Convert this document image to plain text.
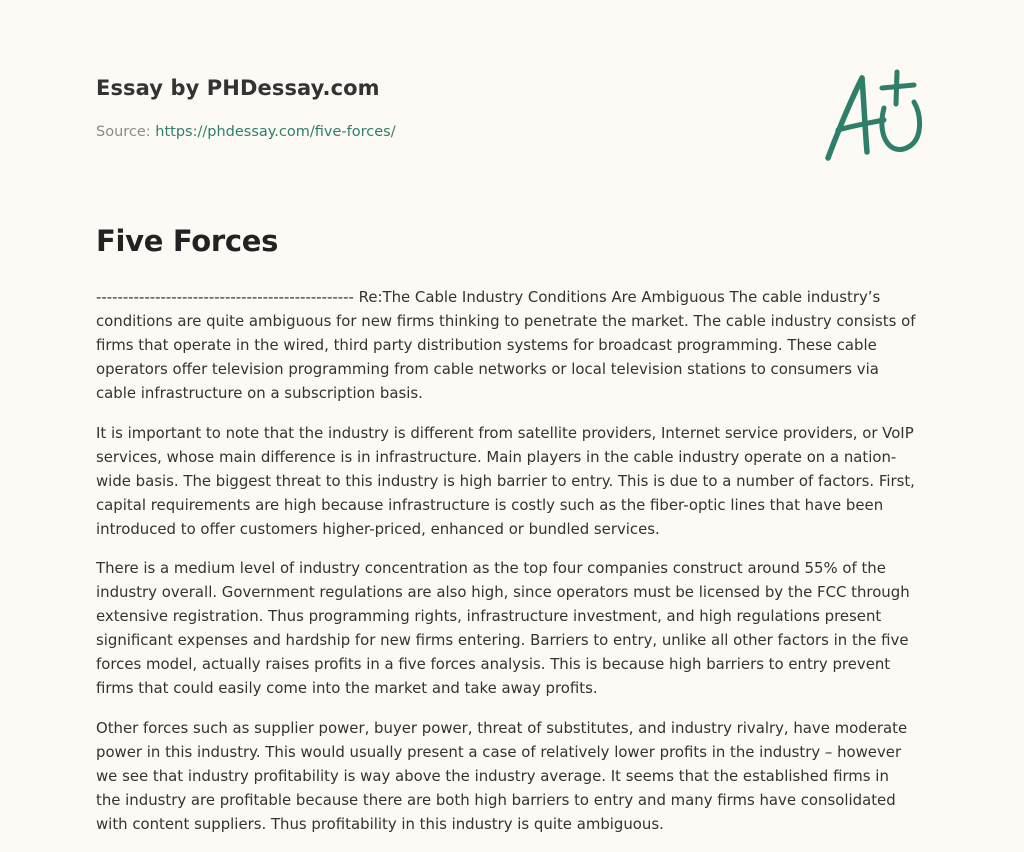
Essay by PHDessay.com
Source: https://phdessay.com/five-forces/
Five Forces

------------------------------------------------ Re:The Cable Industry Conditions Are Ambiguous The cable industry’s conditions are quite ambiguous for new firms thinking to penetrate the market. The cable industry consists of firms that operate in the wired, third party distribution systems for broadcast programming. These cable operators offer television programming from cable networks or local television stations to consumers via cable infrastructure on a subscription basis.

It is important to note that the industry is different from satellite providers, Internet service providers, or VoIP services, whose main difference is in infrastructure. Main players in the cable industry operate on a nation-wide basis. The biggest threat to this industry is high barrier to entry. This is due to a number of factors. First, capital requirements are high because infrastructure is costly such as the fiber-optic lines that have been introduced to offer customers higher-priced, enhanced or bundled services.

There is a medium level of industry concentration as the top four companies construct around 55% of the industry overall. Government regulations are also high, since operators must be licensed by the FCC through extensive registration. Thus programming rights, infrastructure investment, and high regulations present significant expenses and hardship for new firms entering. Barriers to entry, unlike all other factors in the five forces model, actually raises profits in a five forces analysis. This is because high barriers to entry prevent firms that could easily come into the market and take away profits.

Other forces such as supplier power, buyer power, threat of substitutes, and industry rivalry, have moderate power in this industry. This would usually present a case of relatively lower profits in the industry – however we see that industry profitability is way above the industry average. It seems that the established firms in the industry are profitable because there are both high barriers to entry and many firms have consolidated with content suppliers. Thus profitability in this industry is quite ambiguous.
